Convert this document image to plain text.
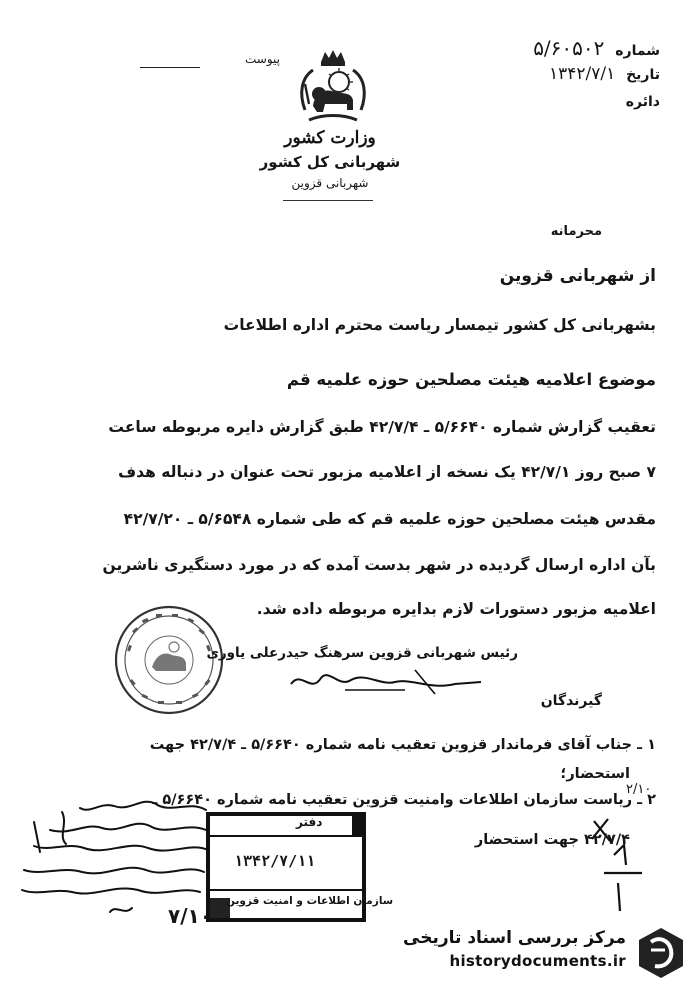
شماره ۵/۶۰۵۰۲
تاریخ ۱۳۴۲/۷/۱
دائره
پیوست
وزارت کشور
شهربانی کل کشور
شهربانی قزوین
محرمانه
از شهربانی قزوین
بشهربانی کل کشور تیمسار ریاست محترم اداره اطلاعات
موضوع اعلامیه هیئت مصلحین حوزه علمیه قم
تعقیب گزارش شماره ۵/۶۶۴۰ ـ ۴۲/۷/۴ طبق گزارش دایره مربوطه ساعت
۷ صبح روز ۴۲/۷/۱ یک نسخه از اعلامیه مزبور تحت عنوان در دنباله هدف
مقدس هیئت مصلحین حوزه علمیه قم که طی شماره ۵/۶۵۴۸ ـ ۴۲/۷/۲۰
بآن اداره ارسال گردیده در شهر بدست آمده که در مورد دستگیری ناشرین
اعلامیه مزبور دستورات لازم بدایره مربوطه داده شد.
رئیس شهربانی قزوین سرهنگ حیدرعلی یاوری
گیرندگان
۱ ـ جناب آقای فرماندار قزوین تعقیب نامه شماره ۵/۶۶۴۰ ـ ۴۲/۷/۴ جهت
استحضار؛
۲ ـ ریاست سازمان اطلاعات وامنیت قزوین تعقیب نامه شماره ۵/۶۶۴۰ ـ
۴۲/۷/۴ جهت استحضار
دفتر
۱۳۴۲/۷/۱۱
سازمان اطلاعات و امنیت قزوین
۷/۱۰
۲/۱۰
مرکز بررسی اسناد تاریخی
historydocuments.ir
